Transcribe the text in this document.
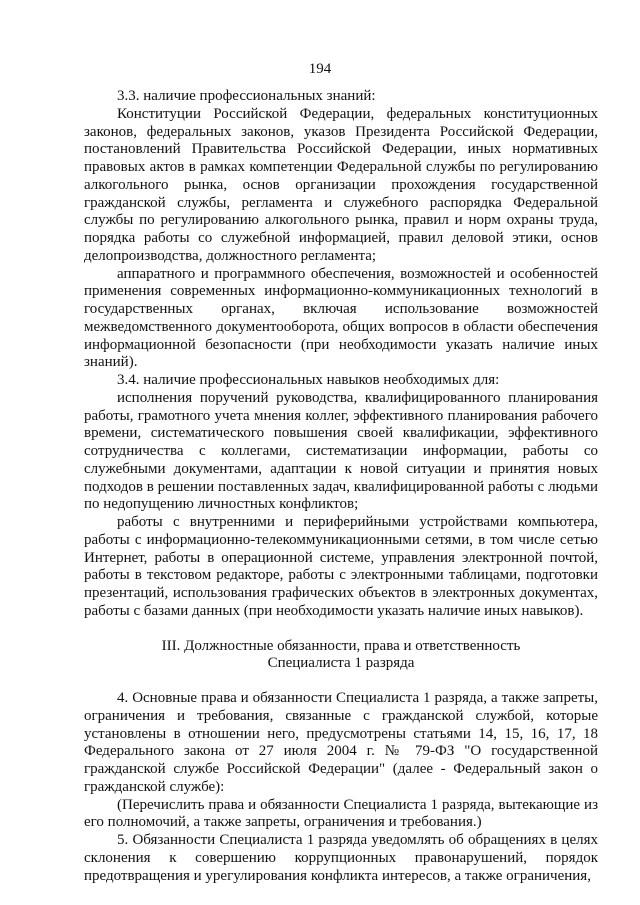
194

3.3. наличие профессиональных знаний:

Конституции Российской Федерации, федеральных конституционных законов, федеральных законов, указов Президента Российской Федерации, постановлений Правительства Российской Федерации, иных нормативных правовых актов в рамках компетенции Федеральной службы по регулированию алкогольного рынка, основ организации прохождения государственной гражданской службы, регламента и служебного распорядка Федеральной службы по регулированию алкогольного рынка, правил и норм охраны труда, порядка работы со служебной информацией, правил деловой этики, основ делопроизводства, должностного регламента;

аппаратного и программного обеспечения, возможностей и особенностей применения современных информационно-коммуникационных технологий в государственных органах, включая использование возможностей межведомственного документооборота, общих вопросов в области обеспечения информационной безопасности (при необходимости указать наличие иных знаний).

3.4. наличие профессиональных навыков необходимых для:

исполнения поручений руководства, квалифицированного планирования работы, грамотного учета мнения коллег, эффективного планирования рабочего времени, систематического повышения своей квалификации, эффективного сотрудничества с коллегами, систематизации информации, работы со служебными документами, адаптации к новой ситуации и принятия новых подходов в решении поставленных задач, квалифицированной работы с людьми по недопущению личностных конфликтов;

работы с внутренними и периферийными устройствами компьютера, работы с информационно-телекоммуникационными сетями, в том числе сетью Интернет, работы в операционной системе, управления электронной почтой, работы в текстовом редакторе, работы с электронными таблицами, подготовки презентаций, использования графических объектов в электронных документах, работы с базами данных (при необходимости указать наличие иных навыков).

III. Должностные обязанности, права и ответственность

Специалиста 1 разряда

4. Основные права и обязанности Специалиста 1 разряда, а также запреты, ограничения и требования, связанные с гражданской службой, которые установлены в отношении него, предусмотрены статьями 14, 15, 16, 17, 18 Федерального закона от 27 июля 2004 г. № 79-ФЗ "О государственной гражданской службе Российской Федерации" (далее - Федеральный закон о гражданской службе):

(Перечислить права и обязанности Специалиста 1 разряда, вытекающие из его полномочий, а также запреты, ограничения и требования.)

5. Обязанности Специалиста 1 разряда уведомлять об обращениях в целях склонения к совершению коррупционных правонарушений, порядок предотвращения и урегулирования конфликта интересов, а также ограничения,
